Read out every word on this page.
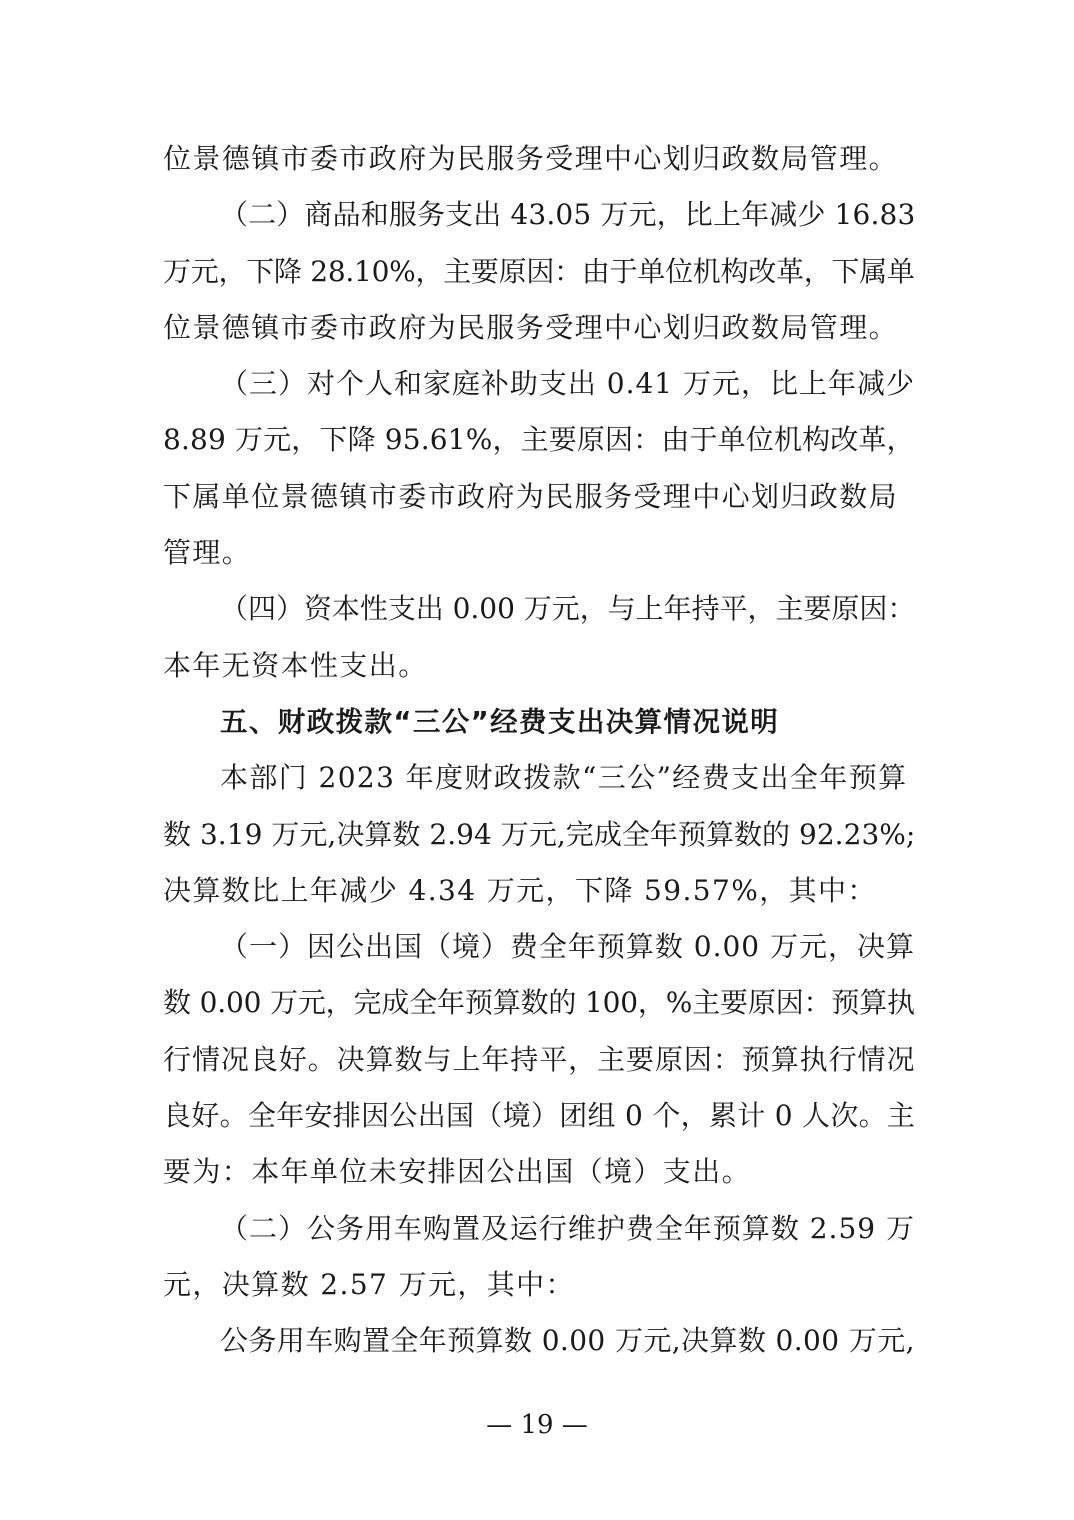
位景德镇市委市政府为民服务受理中心划归政数局管理。
（二）商品和服务支出 43.05 万元，比上年减少 16.83
万元，下降 28.10%，主要原因：由于单位机构改革，下属单
位景德镇市委市政府为民服务受理中心划归政数局管理。
（三）对个人和家庭补助支出 0.41 万元，比上年减少
8.89 万元，下降 95.61%，主要原因：由于单位机构改革，
下属单位景德镇市委市政府为民服务受理中心划归政数局
管理。
（四）资本性支出 0.00 万元，与上年持平，主要原因：
本年无资本性支出。
五、财政拨款“三公”经费支出决算情况说明
本部门 2023 年度财政拨款“三公”经费支出全年预算
数 3.19 万元,决算数 2.94 万元,完成全年预算数的 92.23%;
决算数比上年减少 4.34 万元，下降 59.57%，其中：
（一）因公出国（境）费全年预算数 0.00 万元，决算
数 0.00 万元，完成全年预算数的 100，%主要原因：预算执
行情况良好。决算数与上年持平，主要原因：预算执行情况
良好。全年安排因公出国（境）团组 0 个，累计 0 人次。主
要为：本年单位未安排因公出国（境）支出。
（二）公务用车购置及运行维护费全年预算数 2.59 万
元，决算数 2.57 万元，其中：
公务用车购置全年预算数 0.00 万元,决算数 0.00 万元,
— 19 —
